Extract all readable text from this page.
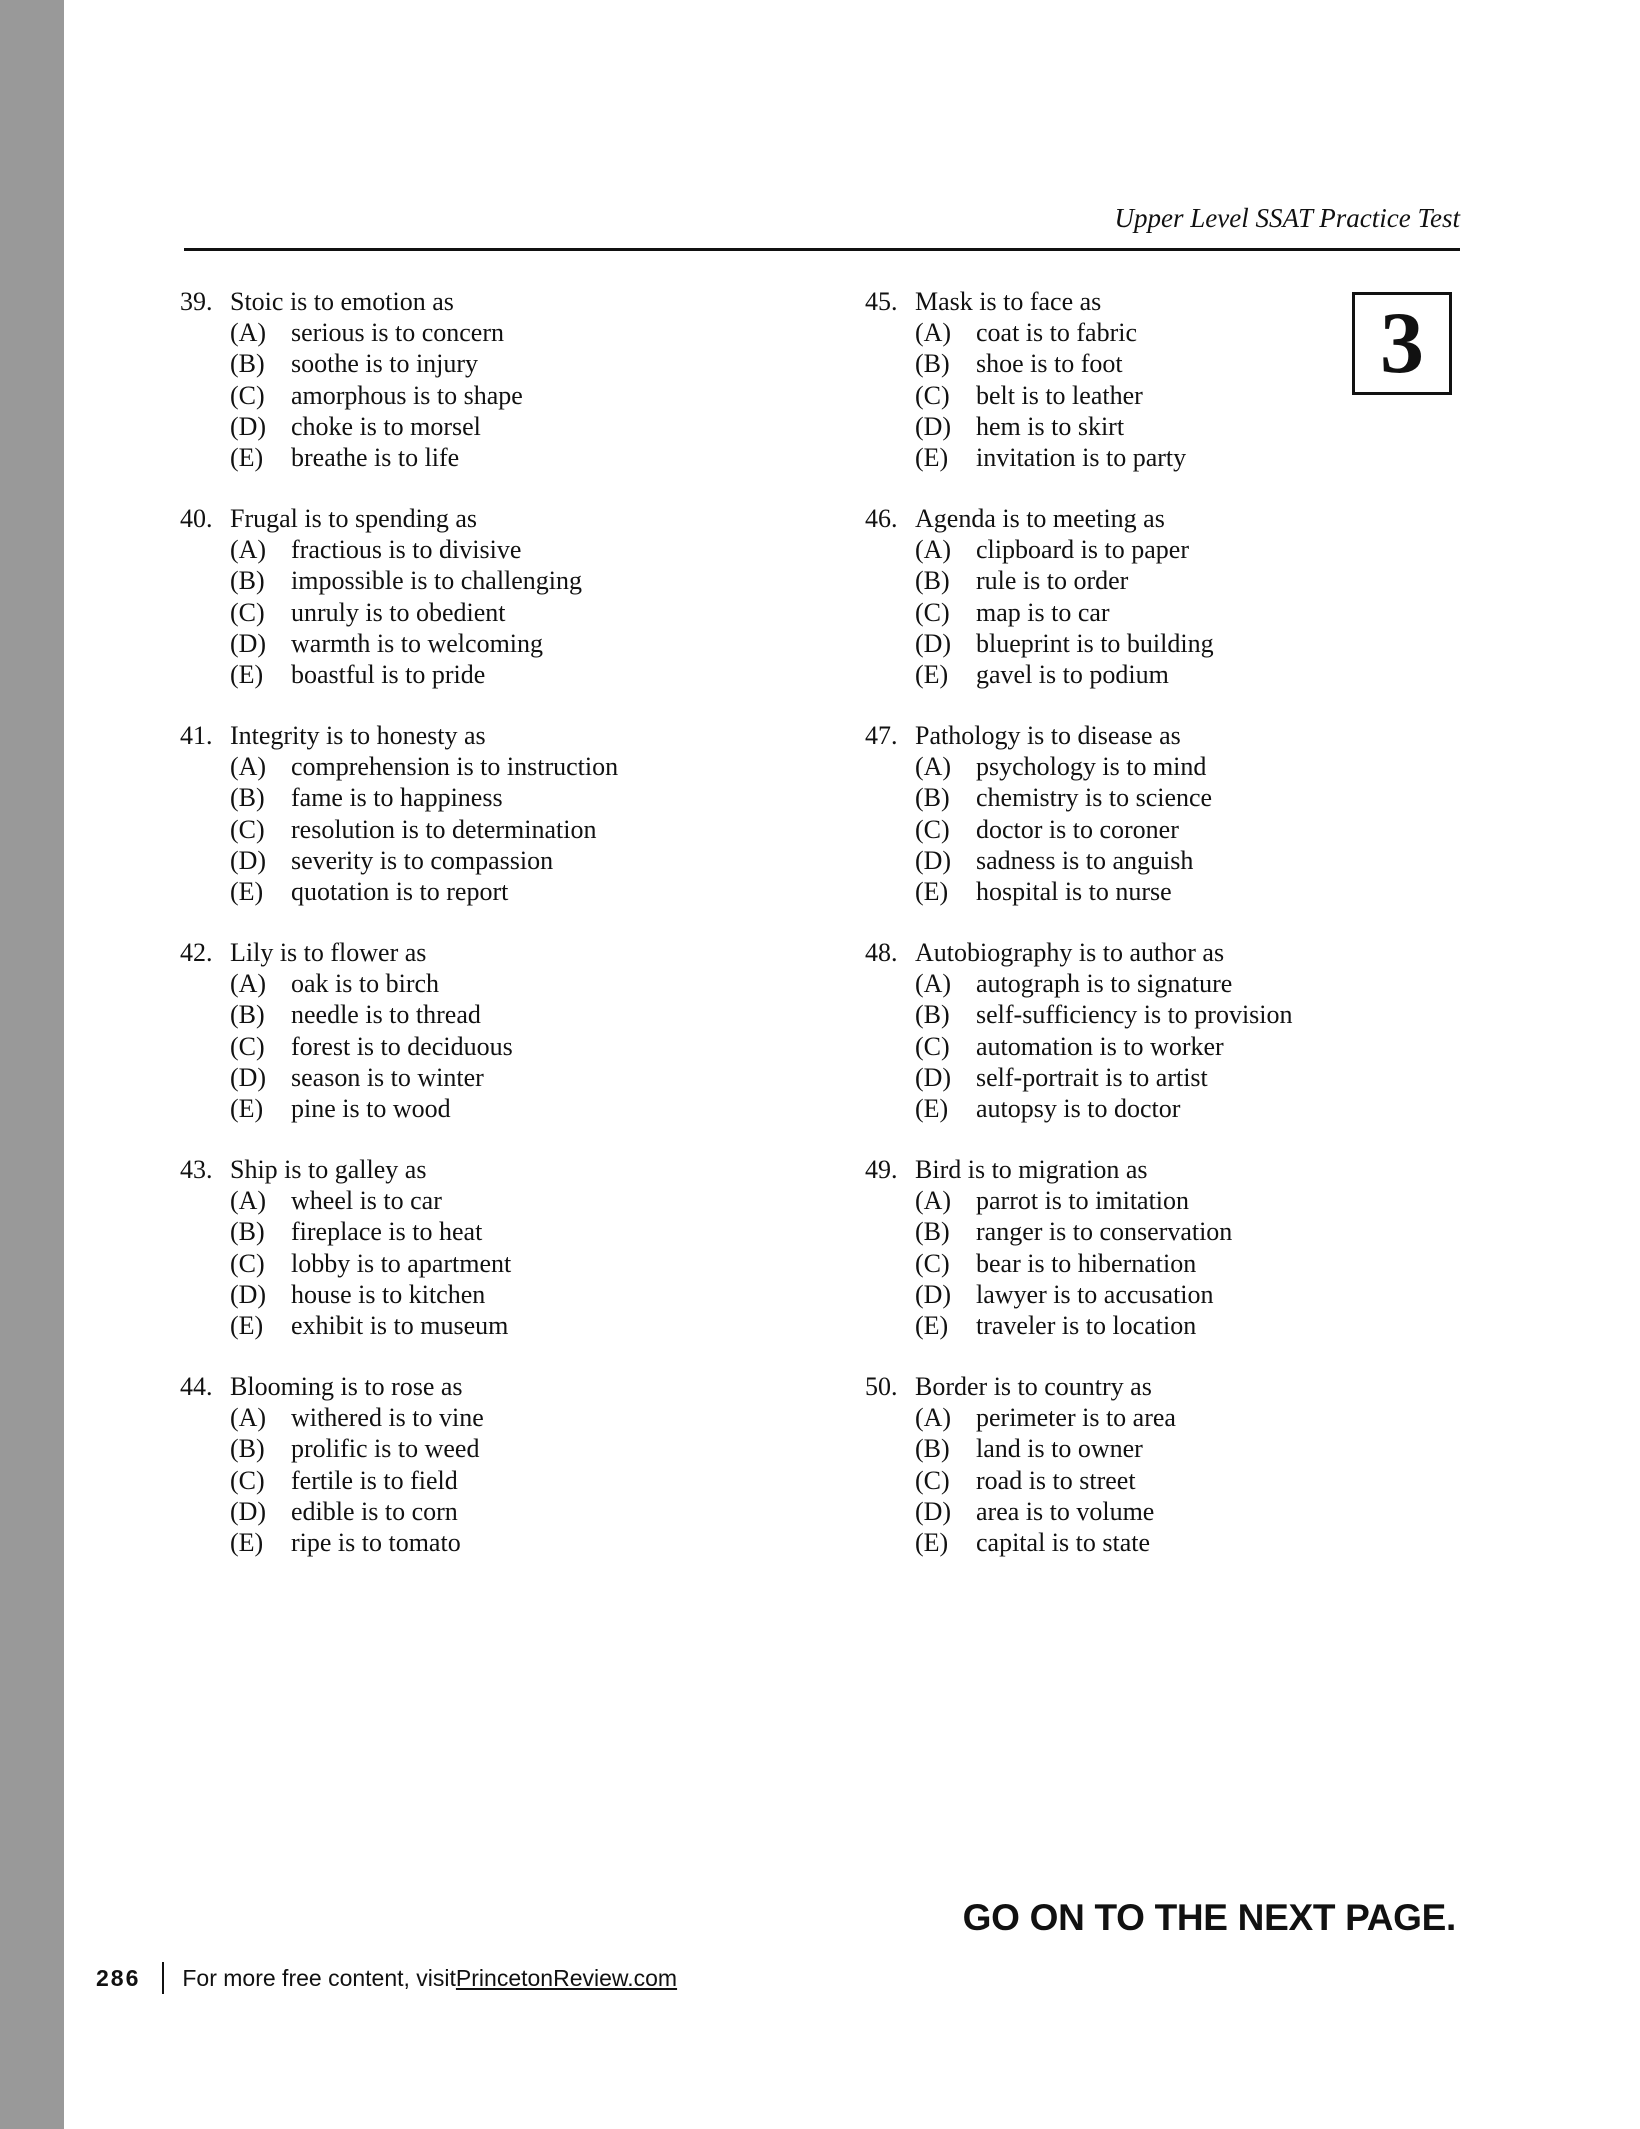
Upper Level SSAT Practice Test
3
39. Stoic is to emotion as
(A) serious is to concern
(B) soothe is to injury
(C) amorphous is to shape
(D) choke is to morsel
(E) breathe is to life
40. Frugal is to spending as
(A) fractious is to divisive
(B) impossible is to challenging
(C) unruly is to obedient
(D) warmth is to welcoming
(E) boastful is to pride
41. Integrity is to honesty as
(A) comprehension is to instruction
(B) fame is to happiness
(C) resolution is to determination
(D) severity is to compassion
(E) quotation is to report
42. Lily is to flower as
(A) oak is to birch
(B) needle is to thread
(C) forest is to deciduous
(D) season is to winter
(E) pine is to wood
43. Ship is to galley as
(A) wheel is to car
(B) fireplace is to heat
(C) lobby is to apartment
(D) house is to kitchen
(E) exhibit is to museum
44. Blooming is to rose as
(A) withered is to vine
(B) prolific is to weed
(C) fertile is to field
(D) edible is to corn
(E) ripe is to tomato
45. Mask is to face as
(A) coat is to fabric
(B) shoe is to foot
(C) belt is to leather
(D) hem is to skirt
(E) invitation is to party
46. Agenda is to meeting as
(A) clipboard is to paper
(B) rule is to order
(C) map is to car
(D) blueprint is to building
(E) gavel is to podium
47. Pathology is to disease as
(A) psychology is to mind
(B) chemistry is to science
(C) doctor is to coroner
(D) sadness is to anguish
(E) hospital is to nurse
48. Autobiography is to author as
(A) autograph is to signature
(B) self-sufficiency is to provision
(C) automation is to worker
(D) self-portrait is to artist
(E) autopsy is to doctor
49. Bird is to migration as
(A) parrot is to imitation
(B) ranger is to conservation
(C) bear is to hibernation
(D) lawyer is to accusation
(E) traveler is to location
50. Border is to country as
(A) perimeter is to area
(B) land is to owner
(C) road is to street
(D) area is to volume
(E) capital is to state
GO ON TO THE NEXT PAGE.
286 For more free content, visit PrincetonReview.com
